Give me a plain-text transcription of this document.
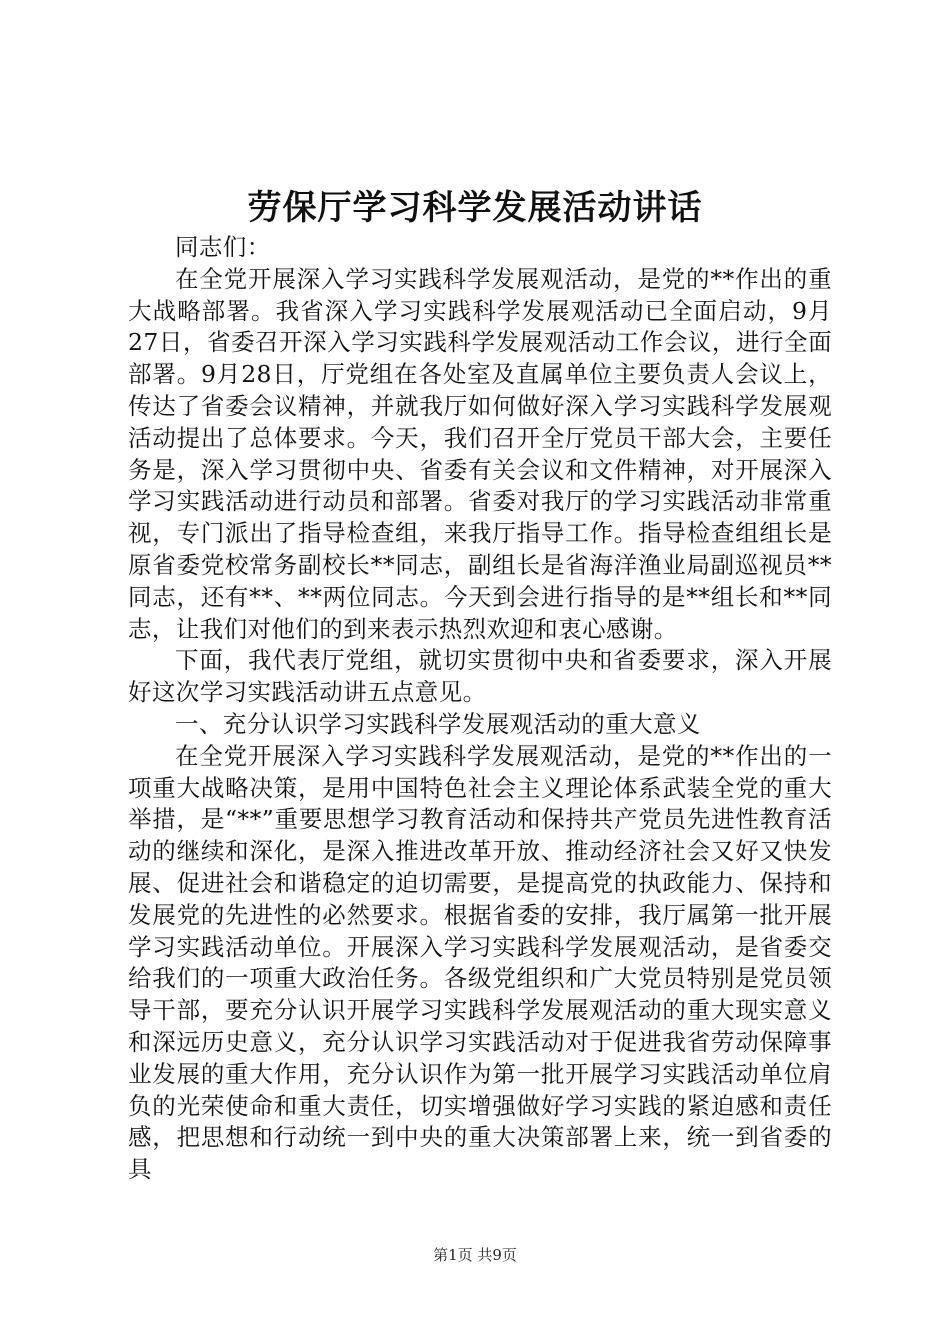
劳保厅学习科学发展活动讲话

同志们：

在全党开展深入学习实践科学发展观活动，是党的**作出的重大战略部署。我省深入学习实践科学发展观活动已全面启动，9月27日，省委召开深入学习实践科学发展观活动工作会议，进行全面部署。9月28日，厅党组在各处室及直属单位主要负责人会议上，传达了省委会议精神，并就我厅如何做好深入学习实践科学发展观活动提出了总体要求。今天，我们召开全厅党员干部大会，主要任务是，深入学习贯彻中央、省委有关会议和文件精神，对开展深入学习实践活动进行动员和部署。省委对我厅的学习实践活动非常重视，专门派出了指导检查组，来我厅指导工作。指导检查组组长是原省委党校常务副校长**同志，副组长是省海洋渔业局副巡视员**同志，还有**、**两位同志。今天到会进行指导的是**组长和**同志，让我们对他们的到来表示热烈欢迎和衷心感谢。

下面，我代表厅党组，就切实贯彻中央和省委要求，深入开展好这次学习实践活动讲五点意见。

一、充分认识学习实践科学发展观活动的重大意义

在全党开展深入学习实践科学发展观活动，是党的**作出的一项重大战略决策，是用中国特色社会主义理论体系武装全党的重大举措，是“**”重要思想学习教育活动和保持共产党员先进性教育活动的继续和深化，是深入推进改革开放、推动经济社会又好又快发展、促进社会和谐稳定的迫切需要，是提高党的执政能力、保持和发展党的先进性的必然要求。根据省委的安排，我厅属第一批开展学习实践活动单位。开展深入学习实践科学发展观活动，是省委交给我们的一项重大政治任务。各级党组织和广大党员特别是党员领导干部，要充分认识开展学习实践科学发展观活动的重大现实意义和深远历史意义，充分认识学习实践活动对于促进我省劳动保障事业发展的重大作用，充分认识作为第一批开展学习实践活动单位肩负的光荣使命和重大责任，切实增强做好学习实践的紧迫感和责任感，把思想和行动统一到中央的重大决策部署上来，统一到省委的具

第1页 共9页
